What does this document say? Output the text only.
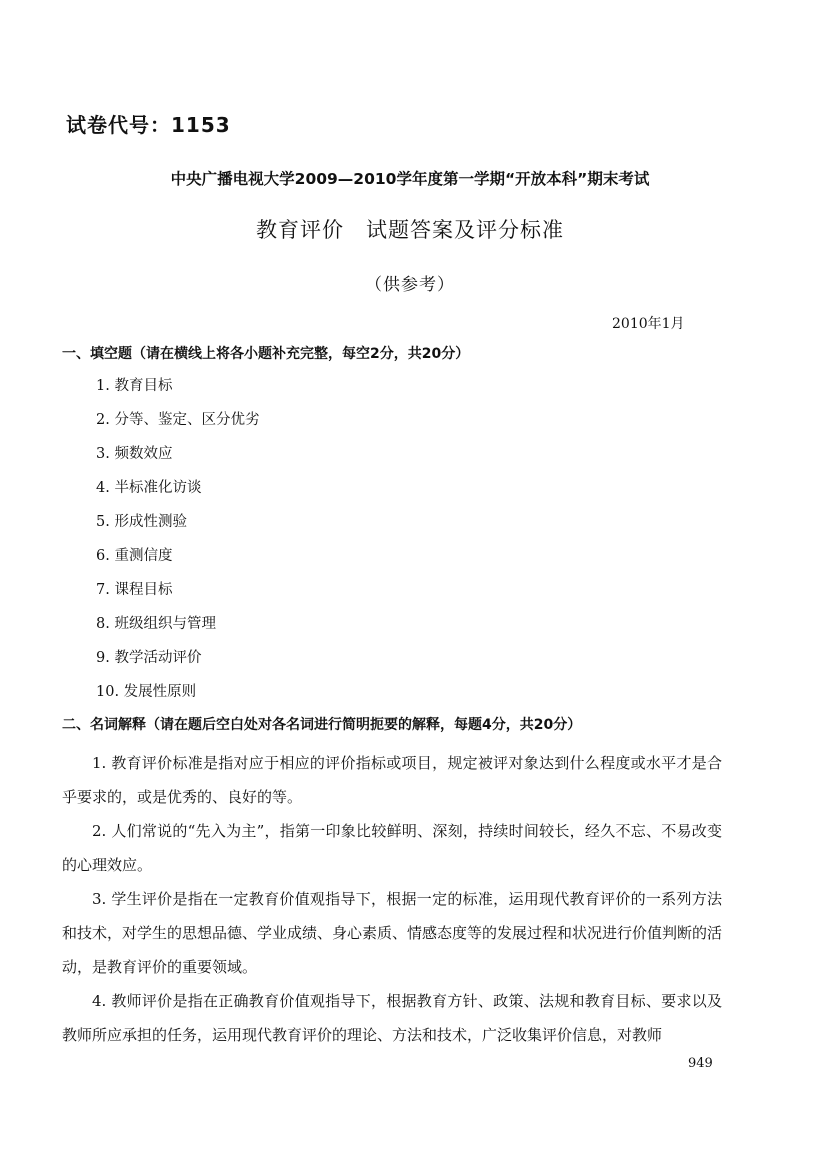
试卷代号：1153
中央广播电视大学2009—2010学年度第一学期“开放本科”期末考试
教育评价　试题答案及评分标准
（供参考）
2010年1月
一、填空题（请在横线上将各小题补充完整，每空2分，共20分）
1. 教育目标
2. 分等、鉴定、区分优劣
3. 频数效应
4. 半标准化访谈
5. 形成性测验
6. 重测信度
7. 课程目标
8. 班级组织与管理
9. 教学活动评价
10. 发展性原则
二、名词解释（请在题后空白处对各名词进行简明扼要的解释，每题4分，共20分）

1. 教育评价标准是指对应于相应的评价指标或项目，规定被评对象达到什么程度或水平才是合乎要求的，或是优秀的、良好的等。

2. 人们常说的“先入为主”，指第一印象比较鲜明、深刻，持续时间较长，经久不忘、不易改变的心理效应。

3. 学生评价是指在一定教育价值观指导下，根据一定的标准，运用现代教育评价的一系列方法和技术，对学生的思想品德、学业成绩、身心素质、情感态度等的发展过程和状况进行价值判断的活动，是教育评价的重要领域。

4. 教师评价是指在正确教育价值观指导下，根据教育方针、政策、法规和教育目标、要求以及教师所应承担的任务，运用现代教育评价的理论、方法和技术，广泛收集评价信息，对教师

949
